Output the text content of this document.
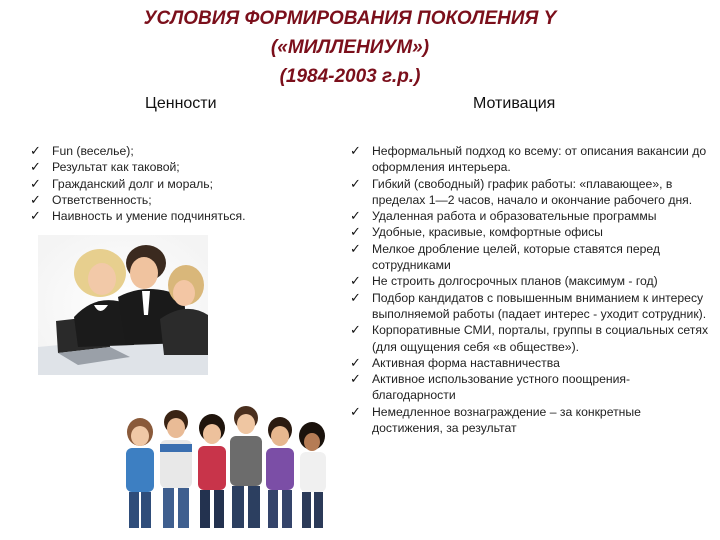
УСЛОВИЯ ФОРМИРОВАНИЯ ПОКОЛЕНИЯ Y
(«МИЛЛЕНИУМ»)
(1984-2003 г.р.)
Ценности	Мотивация
✓ Fun (веселье);
✓ Результат как таковой;
✓ Гражданский долг и мораль;
✓ Ответственность;
✓ Наивность и умение подчиняться.
✓ Неформальный подход ко всему: от описания вакансии до оформления интерьера.
✓ Гибкий (свободный) график работы: «плавающее», в пределах 1—2 часов, начало и окончание рабочего дня.
✓ Удаленная работа и образовательные программы
✓ Удобные, красивые, комфортные офисы
✓ Мелкое дробление целей, которые ставятся перед сотрудниками
✓ Не строить долгосрочных планов (максимум - год)
✓ Подбор кандидатов с повышенным вниманием к интересу выполняемой работы (падает интерес - уходит сотрудник).
✓ Корпоративные СМИ, порталы, группы в социальных сетях (для ощущения себя «в обществе»).
✓ Активная форма наставничества
✓ Активное использование устного поощрения-благодарности
✓ Немедленное вознаграждение – за конкретные достижения, за результат
